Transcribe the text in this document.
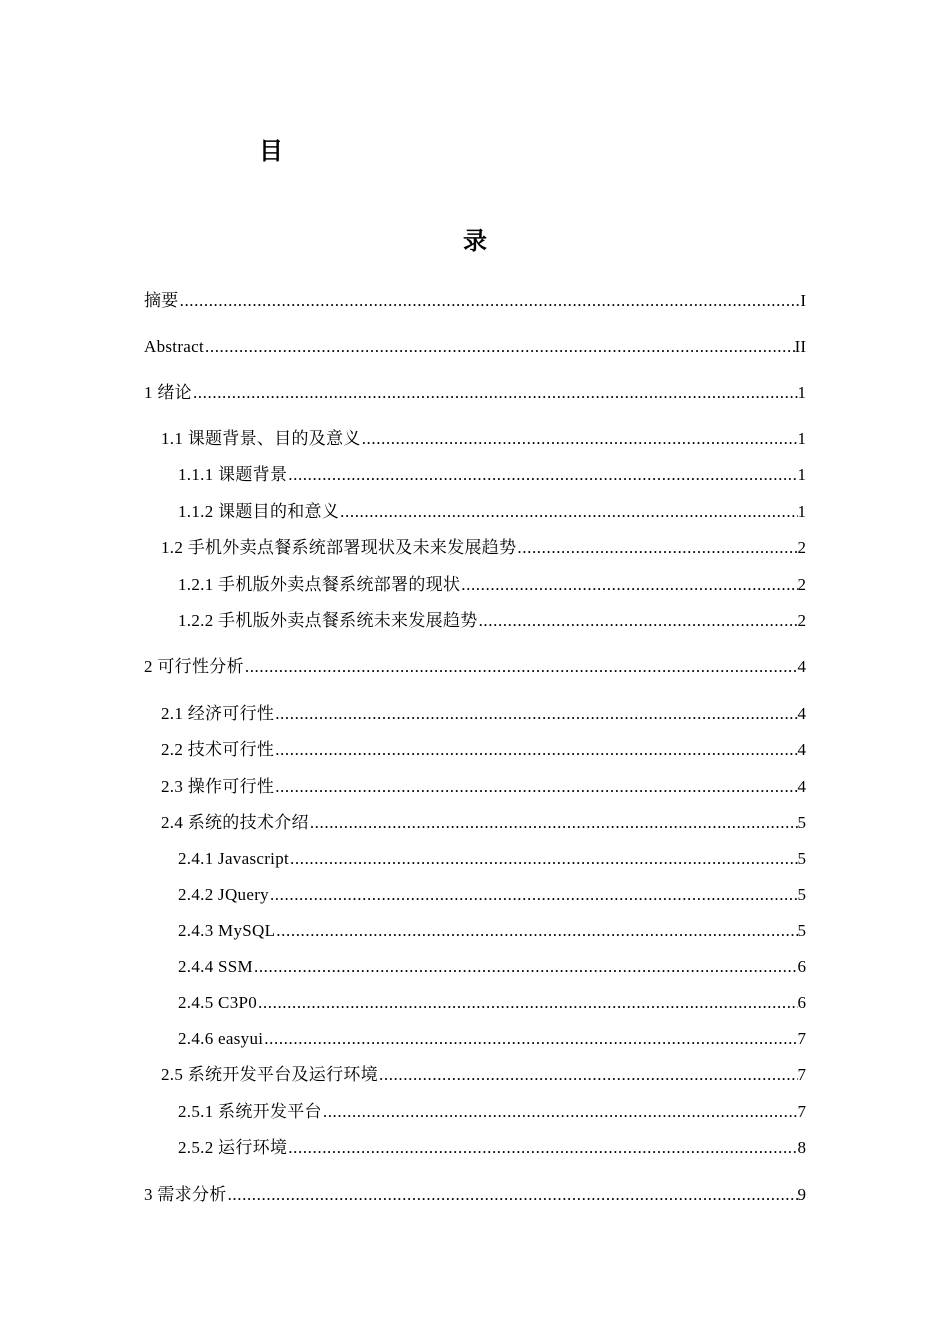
目
录
摘要 .....	I
Abstract .....	II
1 绪论 .....	1
1.1 课题背景、目的及意义 .....	1
1.1.1 课题背景 .....	1
1.1.2 课题目的和意义 .....	1
1.2 手机外卖点餐系统部署现状及未来发展趋势 .....	2
1.2.1 手机版外卖点餐系统部署的现状 .....	2
1.2.2 手机版外卖点餐系统未来发展趋势 .....	2
2 可行性分析 .....	4
2.1 经济可行性 .....	4
2.2 技术可行性 .....	4
2.3 操作可行性 .....	4
2.4 系统的技术介绍 .....	5
2.4.1 Javascript .....	5
2.4.2 JQuery .....	5
2.4.3 MySQL .....	5
2.4.4 SSM .....	6
2.4.5 C3P0 .....	6
2.4.6 easyui .....	7
2.5 系统开发平台及运行环境 .....	7
2.5.1 系统开发平台 .....	7
2.5.2 运行环境 .....	8
3 需求分析 .....	9
